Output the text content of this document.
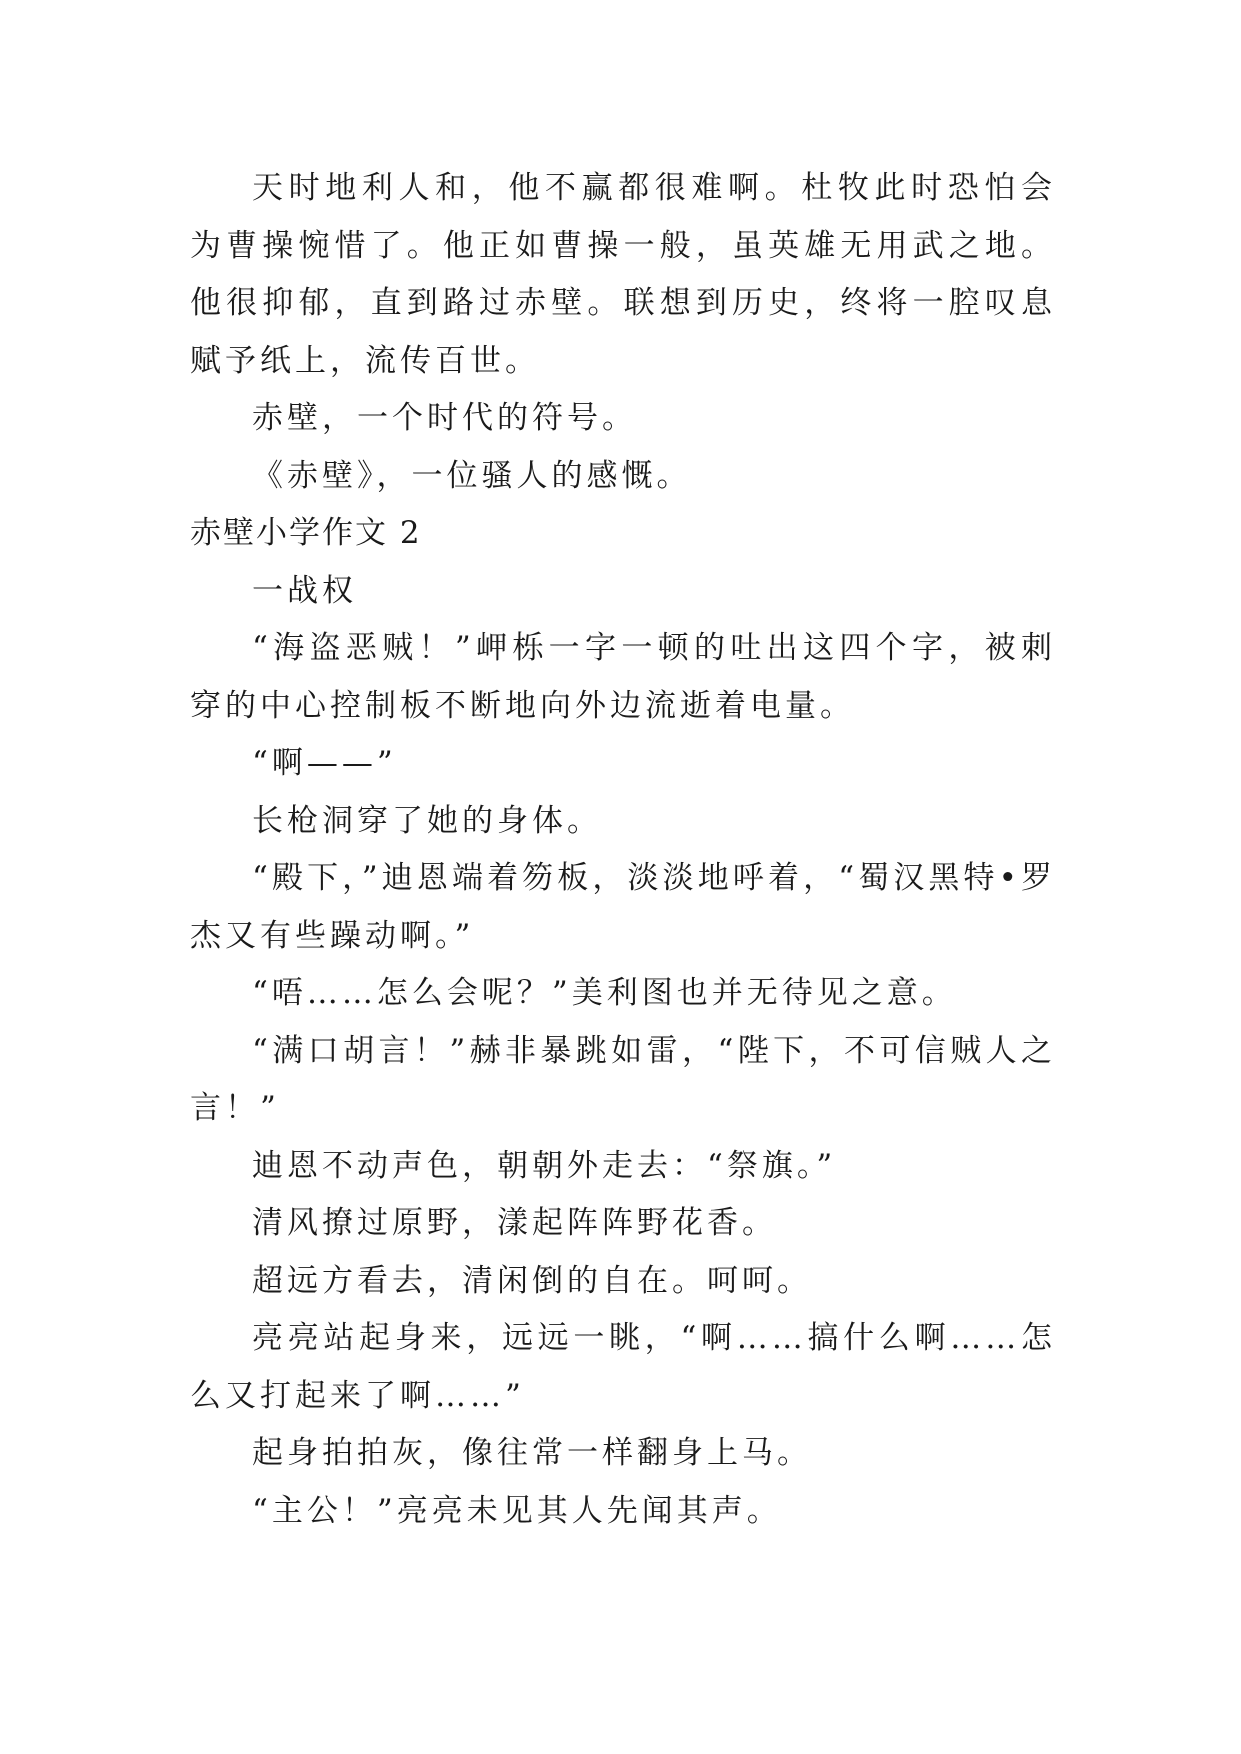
天时地利人和，他不赢都很难啊。杜牧此时恐怕会为曹操惋惜了。他正如曹操一般，虽英雄无用武之地。他很抑郁，直到路过赤壁。联想到历史，终将一腔叹息赋予纸上，流传百世。

赤壁，一个时代的符号。

《赤壁》，一位骚人的感慨。

赤壁小学作文 2

一战权

“海盗恶贼！”岬栎一字一顿的吐出这四个字，被刺穿的中心控制板不断地向外边流逝着电量。

“啊——”

长枪洞穿了她的身体。

“殿下，”迪恩端着笏板，淡淡地呼着，“蜀汉黑特•罗杰又有些躁动啊。”

“唔……怎么会呢？”美利图也并无待见之意。

“满口胡言！”赫非暴跳如雷，“陛下，不可信贼人之言！”

迪恩不动声色，朝朝外走去：“祭旗。”

清风撩过原野，漾起阵阵野花香。

超远方看去，清闲倒的自在。呵呵。

亮亮站起身来，远远一眺，“啊……搞什么啊……怎么又打起来了啊……”

起身拍拍灰，像往常一样翻身上马。

“主公！”亮亮未见其人先闻其声。
